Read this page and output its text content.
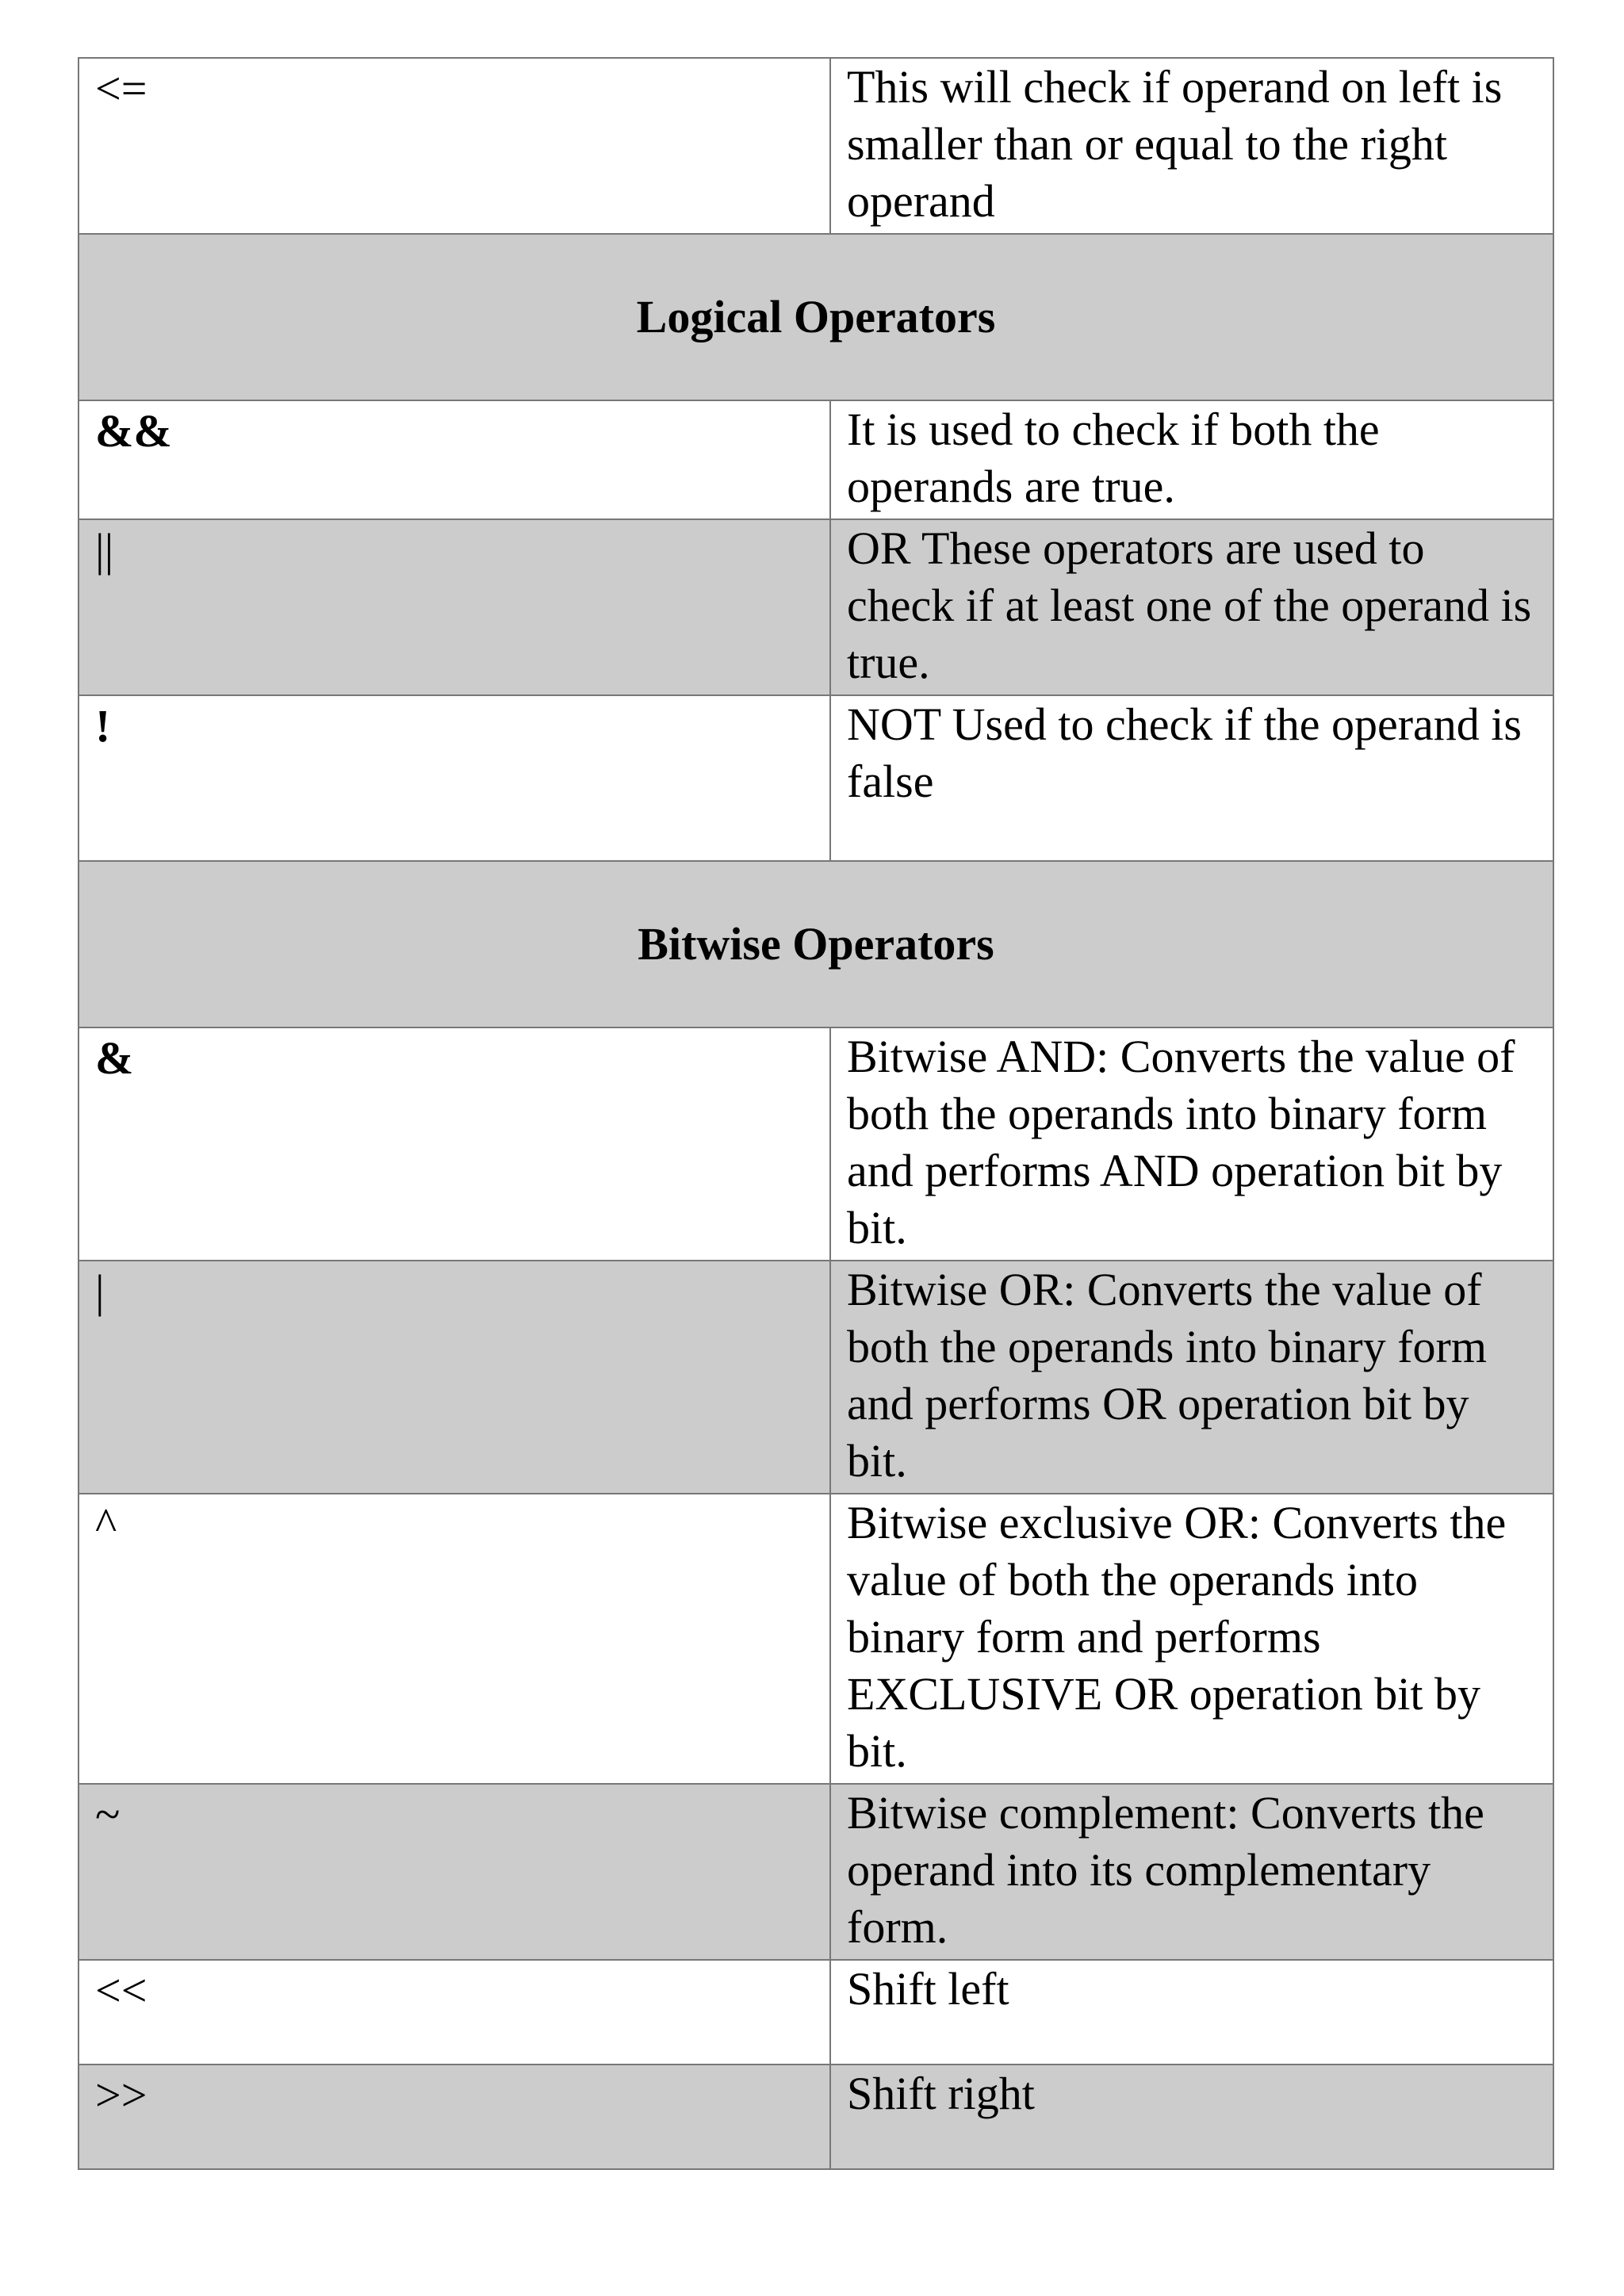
<=	This will check if operand on left is smaller than or equal to the right operand
Logical Operators	
&&	It is used to check if both the operands are true.
||	OR These operators are used to check if at least one of the operand is true.
!	NOT Used to check if the operand is false
Bitwise Operators	
&	Bitwise AND: Converts the value of both the operands into binary form and performs AND operation bit by bit.
|	Bitwise OR: Converts the value of both the operands into binary form and performs OR operation bit by bit.
^	Bitwise exclusive OR: Converts the value of both the operands into binary form and performs EXCLUSIVE OR operation bit by bit.
~	Bitwise complement: Converts the operand into its complementary form.
<<	Shift left
>>	Shift right
